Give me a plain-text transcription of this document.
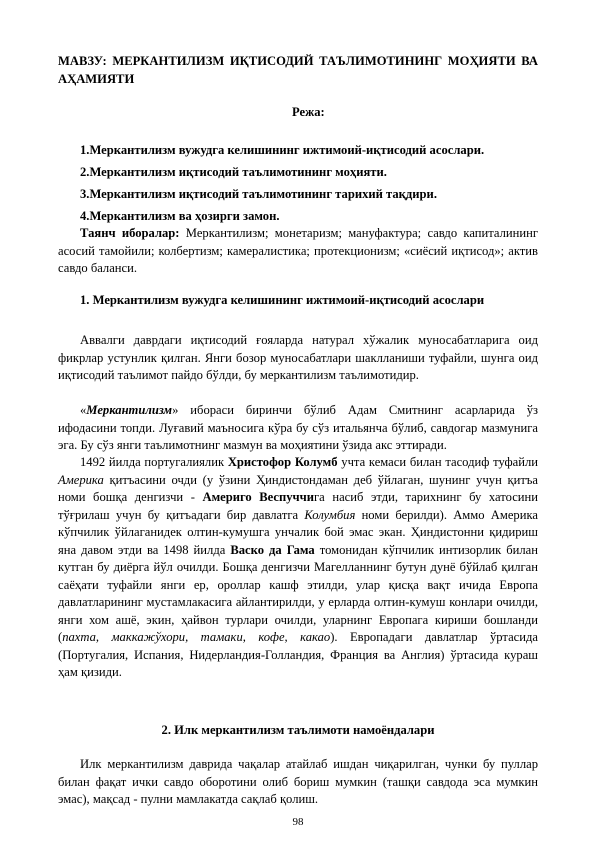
МАВЗУ: МЕРКАНТИЛИЗМ ИҚТИСОДИЙ ТАЪЛИМОТИНИНГ МОҲИЯТИ ВА АҲАМИЯТИ

Режа:

1.Меркантилизм вужудга келишининг ижтимоий-иқтисодий асослари.
2.Меркантилизм иқтисодий таълимотининг моҳияти.
3.Меркантилизм иқтисодий таълимотининг тарихий тақдири.
4.Меркантилизм ва ҳозирги замон.

Таянч иборалар: Меркантилизм; монетаризм; мануфактура; савдо капиталининг асосий тамойили; колбертизм; камералистика; протекционизм; «сиёсий иқтисод»; актив савдо баланси.

1. Меркантилизм вужудга келишининг ижтимоий-иқтисодий асослари

Аввалги даврдаги иқтисодий ғояларда натурал хўжалик муносабатларига оид фикрлар устунлик қилган. Янги бозор муносабатлари шаклланиши туфайли, шунга оид иқтисодий таълимот пайдо бўлди, бу меркантилизм таълимотидир.

«Меркантилизм» ибораси биринчи бўлиб Адам Смитнинг асарларида ўз ифодасини топди. Луғавий маъносига кўра бу сўз итальянча бўлиб, савдогар мазмунига эга. Бу сўз янги таълимотнинг мазмун ва моҳиятини ўзида акс эттиради.

1492 йилда португалиялик Христофор Колумб учта кемаси билан тасодиф туфайли Америка қитъасини очди (у ўзини Ҳиндистондаман деб ўйлаган, шунинг учун қитъа номи бошқа денгизчи - Америго Веспуччига насиб этди, тарихнинг бу хатосини тўғрилаш учун бу қитъадаги бир давлатга Колумбия номи берилди). Аммо Америка кўпчилик ўйлаганидек олтин-кумушга унчалик бой эмас экан. Ҳиндистонни қидириш яна давом этди ва 1498 йилда Васко да Гама томонидан кўпчилик интизорлик билан кутган бу диёрга йўл очилди. Бошқа денгизчи Магелланнинг бутун дунё бўйлаб қилган саёҳати туфайли янги ер, ороллар кашф этилди, улар қисқа вақт ичида Европа давлатларининг мустамлакасига айлантирилди, у ерларда олтин-кумуш конлари очилди, янги хом ашё, экин, ҳайвон турлари очилди, уларнинг Европага кириши бошланди (пахта, маккажўхори, тамаки, кофе, какао). Европадаги давлатлар ўртасида (Португалия, Испания, Нидерландия-Голландия, Франция ва Англия) ўртасида кураш ҳам қизиди.

2. Илк меркантилизм таълимоти намоёндалари

Илк меркантилизм даврида чақалар атайлаб ишдан чиқарилган, чунки бу пуллар билан фақат ички савдо оборотини олиб бориш мумкин (ташқи савдода эса мумкин эмас), мақсад - пулни мамлакатда сақлаб қолиш.

98
